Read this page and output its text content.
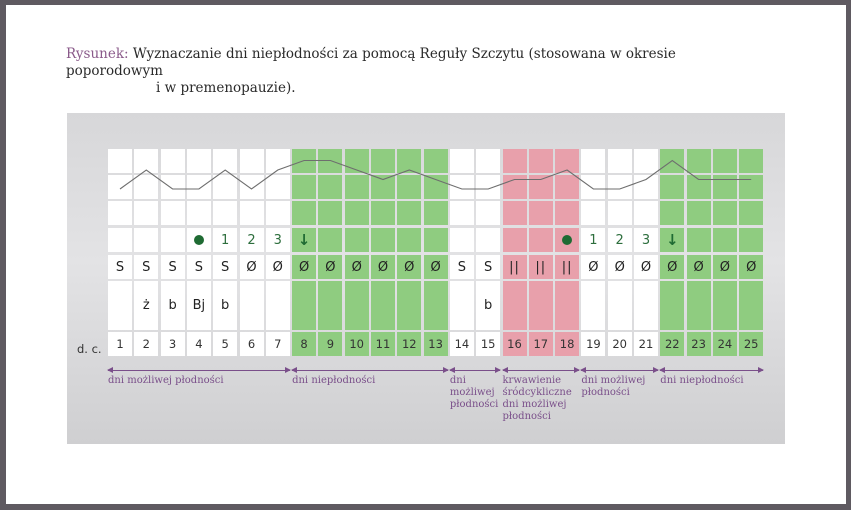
Rysunek: Wyznaczanie dni niepłodności za pomocą Reguły Szczytu (stosowana w okresie poporodowym
i w premenopauzie).
d. c.
S
1
S
ż
2
S
b
3
S
Bj
4
1
S
b
5
2
Ø
6
3
Ø
7
↓
Ø
8
Ø
9
Ø
10
Ø
11
Ø
12
Ø
13
S
14
S
b
15
||
16
||
17
||
18
1
Ø
19
2
Ø
20
3
Ø
21
↓
Ø
22
Ø
23
Ø
24
Ø
25
dni możliwej płodności	dni niepłodności	dni
możliwej
płodności
krwawienie
śródcykliczne
dni możliwej
płodności
dni możliwej
płodności
dni niepłodności
